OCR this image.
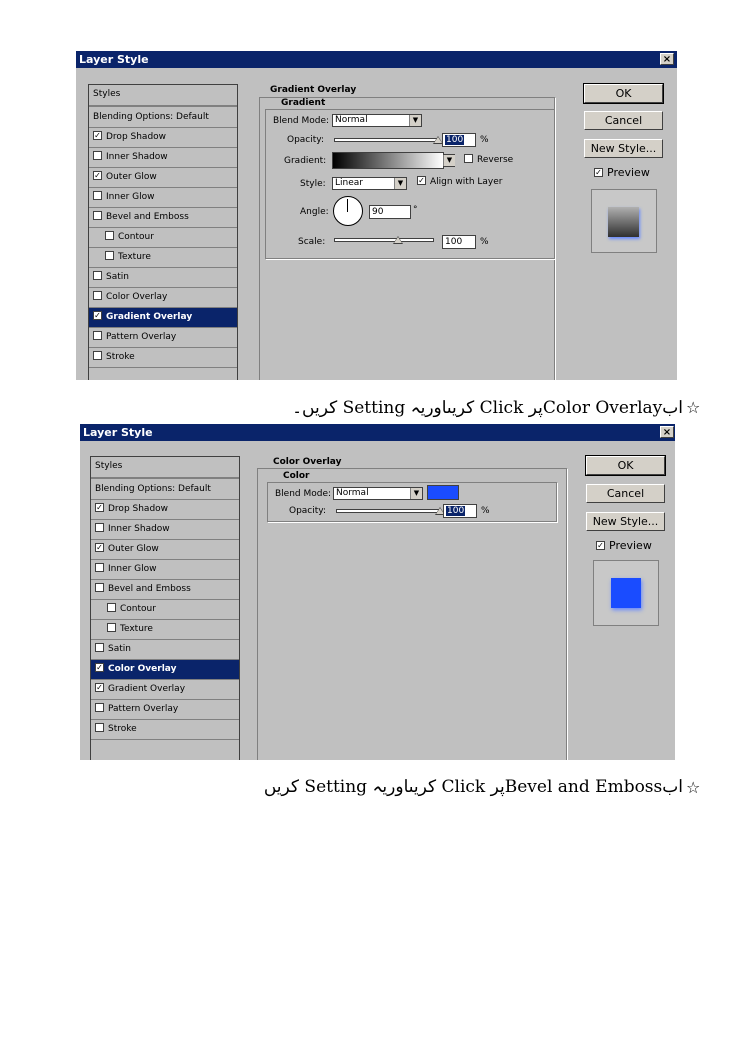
Layer Style	×
Styles
Blending Options: Default
✓ Drop Shadow
Inner Shadow
✓ Outer Glow
Inner Glow
Bevel and Emboss
Contour
Texture
Satin
Color Overlay
✓ Gradient Overlay
Pattern Overlay
Stroke
Gradient Overlay
Gradient
Blend Mode: Normal	▼
Opacity:	100	%
Gradient:	▼	Reverse
Style:	Linear	▼	✓ Align with Layer
Angle:	90	°
Scale:	100	%
OK
Cancel
New Style...
✓ Preview
☆
ابColor Overlayپر Click کریںاوریہ Setting کریں۔
Layer Style	×
Styles
Blending Options: Default
✓ Drop Shadow
Inner Shadow
✓ Outer Glow
Inner Glow
Bevel and Emboss
Contour
Texture
Satin
✓ Color Overlay
✓ Gradient Overlay
Pattern Overlay
Stroke
Color Overlay
Color
Blend Mode: Normal	▼
Opacity:	100	%
OK
Cancel
New Style...
✓ Preview
☆
ابBevel and Embossپر Click کریںاوریہ Setting کریں
